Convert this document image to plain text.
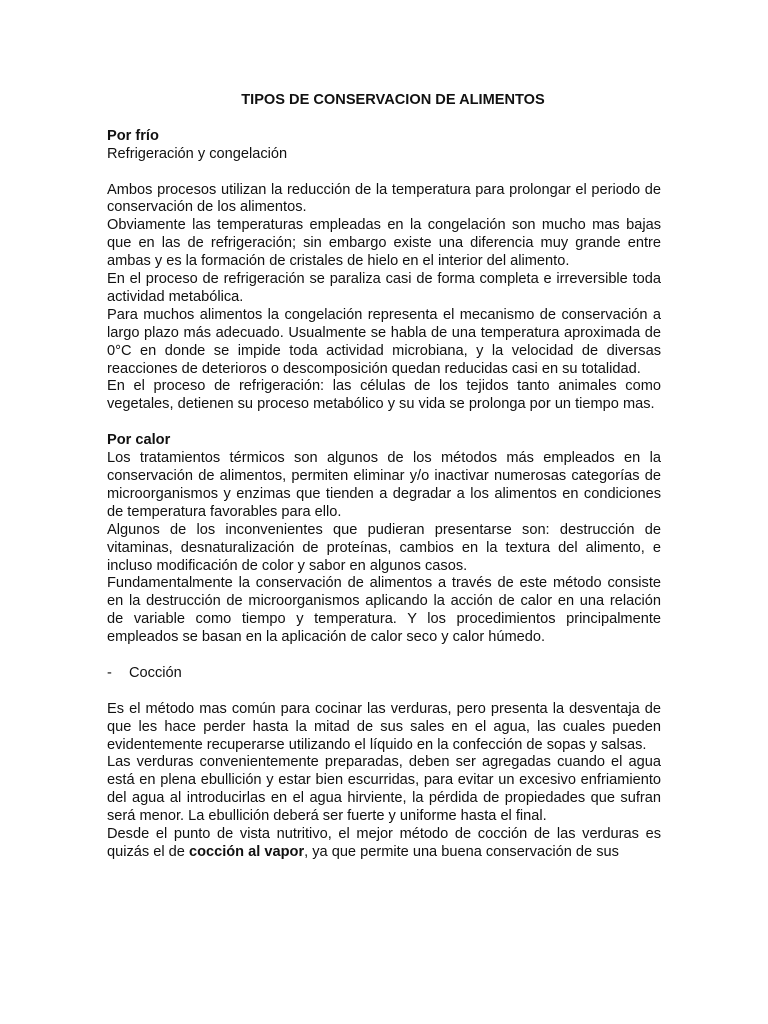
TIPOS DE CONSERVACION DE ALIMENTOS
Por frío

Refrigeración y congelación

Ambos procesos utilizan la reducción de la temperatura para prolongar el periodo de conservación de los alimentos.

Obviamente las temperaturas empleadas en la congelación son mucho mas bajas que en las de refrigeración; sin embargo existe una diferencia muy grande entre ambas y es la formación de cristales de hielo en el interior del alimento.

En el proceso de refrigeración se paraliza casi de forma completa e irreversible toda actividad metabólica.

Para muchos alimentos la congelación representa el mecanismo de conservación a largo plazo más adecuado. Usualmente se habla de una temperatura aproximada de 0°C en donde se impide toda actividad microbiana, y la velocidad de diversas reacciones de deterioros o descomposición quedan reducidas casi en su totalidad.

En el proceso de refrigeración: las células de los tejidos tanto animales como vegetales, detienen su proceso metabólico y su vida se prolonga por un tiempo mas.

Por calor

Los tratamientos térmicos son algunos de los métodos más empleados en la conservación de alimentos, permiten eliminar y/o inactivar numerosas categorías de microorganismos y enzimas que tienden a degradar a los alimentos en condiciones de temperatura favorables para ello.

Algunos de los inconvenientes que pudieran presentarse son: destrucción de vitaminas, desnaturalización de proteínas, cambios en la textura del alimento, e incluso modificación de color y sabor en algunos casos.

Fundamentalmente la conservación de alimentos a través de este método consiste en la destrucción de microorganismos aplicando la acción de calor en una relación de variable como tiempo y temperatura. Y los procedimientos principalmente empleados se basan en la aplicación de calor seco y calor húmedo.

- Cocción

Es el método mas común para cocinar las verduras, pero presenta la desventaja de que les hace perder hasta la mitad de sus sales en el agua, las cuales pueden evidentemente recuperarse utilizando el líquido en la confección de sopas y salsas.

Las verduras convenientemente preparadas, deben ser agregadas cuando el agua está en plena ebullición y estar bien escurridas, para evitar un excesivo enfriamiento del agua al introducirlas en el agua hirviente, la pérdida de propiedades que sufran será menor. La ebullición deberá ser fuerte y uniforme hasta el final.

Desde el punto de vista nutritivo, el mejor método de cocción de las verduras es quizás el de cocción al vapor, ya que permite una buena conservación de sus
